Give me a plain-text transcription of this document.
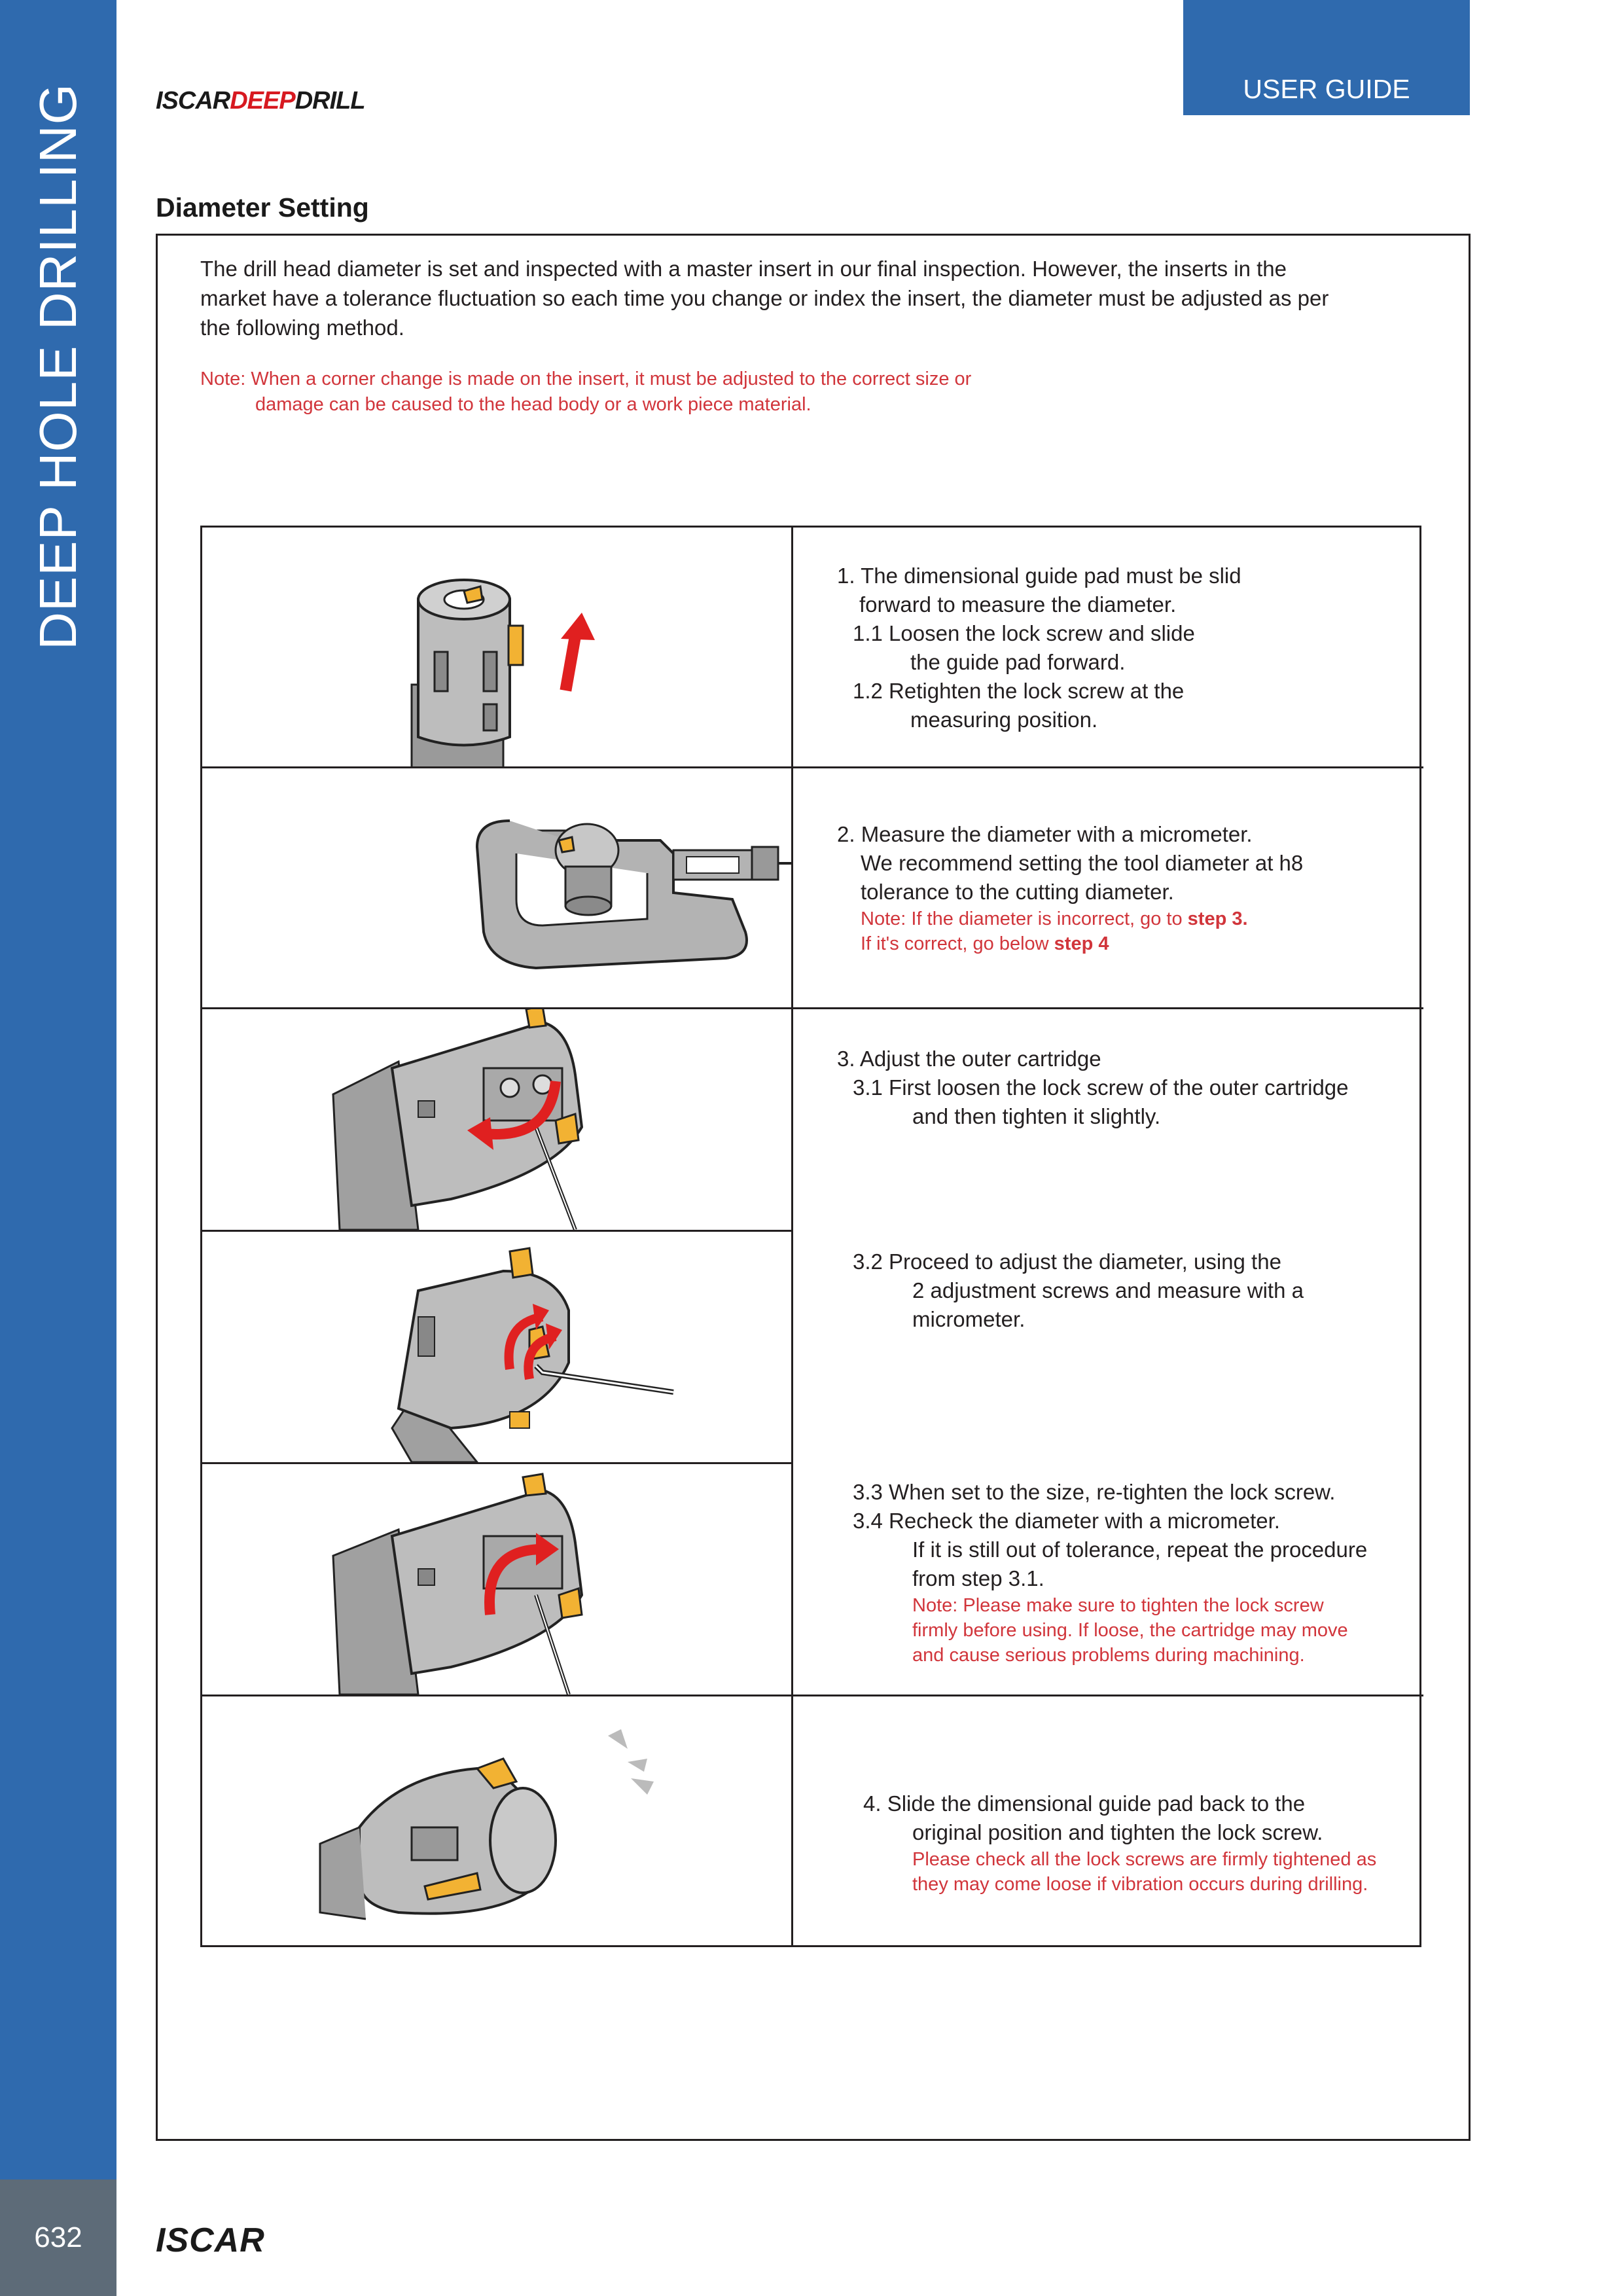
DEEP HOLE DRILLING
632	ISCAR
ISCARDEEPDRILL	USER GUIDE
Diameter Setting

The drill head diameter is set and inspected with a master insert in our final inspection. However, the inserts in the market have a tolerance fluctuation so each time you change or index the insert, the diameter must be adjusted as per the following method.

Note: When a corner change is made on the insert, it must be adjusted to the correct size or
damage can be caused to the head body or a work piece material.
1. The dimensional guide pad must be slid
forward to measure the diameter.
1.1 Loosen the lock screw and slide
the guide pad forward.
1.2 Retighten the lock screw at the
measuring position.
2. Measure the diameter with a micrometer.
We recommend setting the tool diameter at h8
tolerance to the cutting diameter.
Note: If the diameter is incorrect, go to step 3.
If it's correct, go below step 4
3. Adjust the outer cartridge
3.1 First loosen the lock screw of the outer cartridge
and then tighten it slightly.
3.2 Proceed to adjust the diameter, using the
2 adjustment screws and measure with a
micrometer.
3.3 When set to the size, re-tighten the lock screw.
3.4 Recheck the diameter with a micrometer.
If it is still out of tolerance, repeat the procedure
from step 3.1.
Note: Please make sure to tighten the lock screw
firmly before using. If loose, the cartridge may move
and cause serious problems during machining.
4. Slide the dimensional guide pad back to the
original position and tighten the lock screw.
Please check all the lock screws are firmly tightened as
they may come loose if vibration occurs during drilling.
